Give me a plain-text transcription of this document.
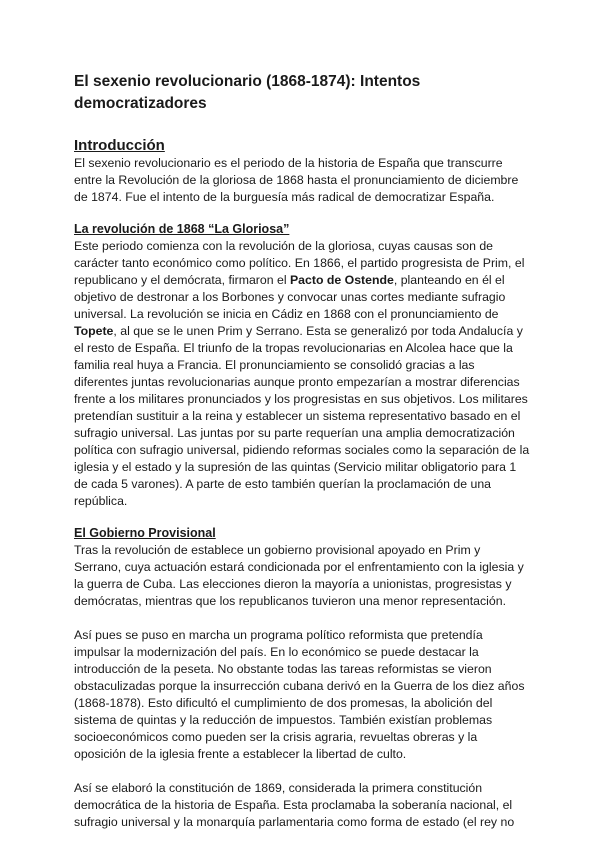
El sexenio revolucionario (1868-1874): Intentos democratizadores
Introducción

El sexenio revolucionario es el periodo de la historia de España que transcurre entre la Revolución de la gloriosa de 1868 hasta el pronunciamiento de diciembre de 1874. Fue el intento de la burguesía más radical de democratizar España.

La revolución de 1868 “La Gloriosa”

Este periodo comienza con la revolución de la gloriosa, cuyas causas son de carácter tanto económico como político. En 1866, el partido progresista de Prim, el republicano y el demócrata, firmaron el Pacto de Ostende, planteando en él el objetivo de destronar a los Borbones y convocar unas cortes mediante sufragio universal. La revolución se inicia en Cádiz en 1868 con el pronunciamiento de Topete, al que se le unen Prim y Serrano. Esta se generalizó por toda Andalucía y el resto de España. El triunfo de la tropas revolucionarias en Alcolea hace que la familia real huya a Francia. El pronunciamiento se consolidó gracias a las diferentes juntas revolucionarias aunque pronto empezarían a mostrar diferencias frente a los militares pronunciados y los progresistas en sus objetivos. Los militares pretendían sustituir a la reina y establecer un sistema representativo basado en el sufragio universal. Las juntas por su parte requerían una amplia democratización política con sufragio universal, pidiendo reformas sociales como la separación de la iglesia y el estado y la supresión de las quintas (Servicio militar obligatorio para 1 de cada 5 varones). A parte de esto también querían la proclamación de una república.

El Gobierno Provisional

Tras la revolución de establece un gobierno provisional apoyado en Prim y Serrano, cuya actuación estará condicionada por el enfrentamiento con la iglesia y la guerra de Cuba. Las elecciones dieron la mayoría a unionistas, progresistas y demócratas, mientras que los republicanos tuvieron una menor representación.

Así pues se puso en marcha un programa político reformista que pretendía impulsar la modernización del país. En lo económico se puede destacar la introducción de la peseta. No obstante todas las tareas reformistas se vieron obstaculizadas porque la insurrección cubana derivó en la Guerra de los diez años (1868-1878). Esto dificultó el cumplimiento de dos promesas, la abolición del sistema de quintas y la reducción de impuestos. También existían problemas socioeconómicos como pueden ser la crisis agraria, revueltas obreras y la oposición de la iglesia frente a establecer la libertad de culto.

Así se elaboró la constitución de 1869, considerada la primera constitución democrática de la historia de España. Esta proclamaba la soberanía nacional, el sufragio universal y la monarquía parlamentaria como forma de estado (el rey no
